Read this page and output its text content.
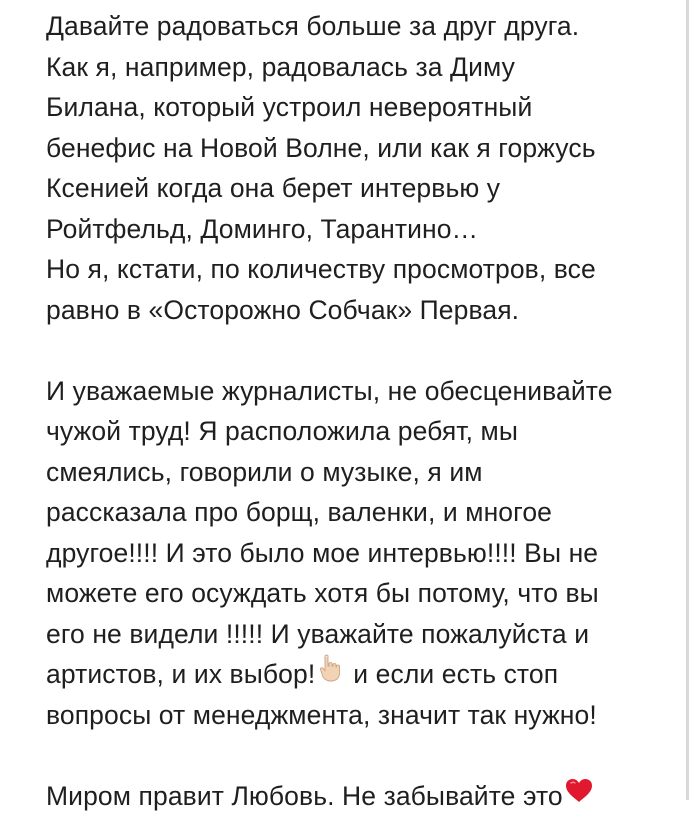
Давайте радоваться больше за друг друга.
Как я, например, радовалась за Диму
Билана, который устроил невероятный
бенефис на Новой Волне, или как я горжусь
Ксенией когда она берет интервью у
Ройтфельд, Доминго, Тарантино…
Но я, кстати, по количеству просмотров, все
равно в «Осторожно Собчак» Первая.
И уважаемые журналисты, не обесценивайте
чужой труд! Я расположила ребят, мы
смеялись, говорили о музыке, я им
рассказала про борщ, валенки, и многое
другое!!!! И это было мое интервью!!!! Вы не
можете его осуждать хотя бы потому, что вы
его не видели !!!!! И уважайте пожалуйста и
артистов, и их выбор! и если есть стоп
вопросы от менеджмента, значит так нужно!
Миром правит Любовь. Не забывайте это
